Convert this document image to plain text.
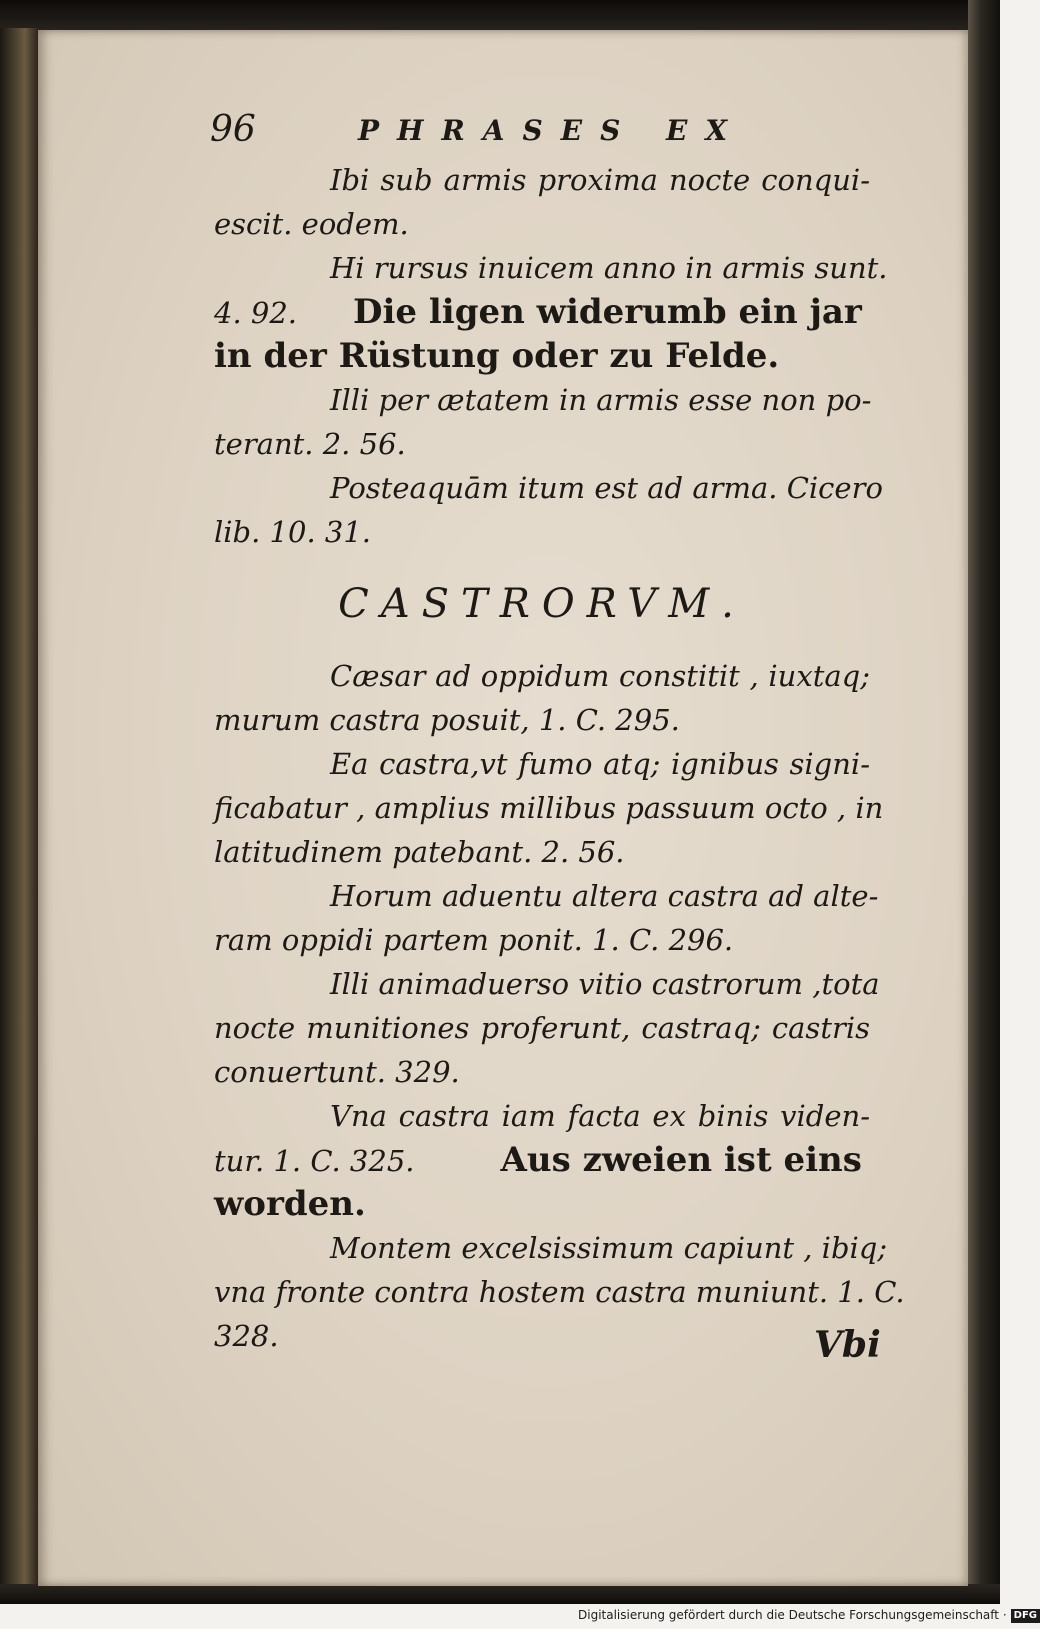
96	PHRASES EX
Ibi sub armis proxima nocte conqui-
escit. eodem.
Hi rursus inuicem anno in armis sunt.
4. 92. Die ligen widerumb ein jar
in der Rüstung oder zu Felde.
Illi per ætatem in armis esse non po-
terant. 2. 56.
Posteaquām itum est ad arma. Cicero
lib. 10. 31.
CASTRORVM.
Cæsar ad oppidum constitit , iuxtaq;
murum castra posuit, 1. C. 295.
Ea castra,vt fumo atq; ignibus signi-
ficabatur , amplius millibus passuum octo , in
latitudinem patebant. 2. 56.
Horum aduentu altera castra ad alte-
ram oppidi partem ponit. 1. C. 296.
Illi animaduerso vitio castrorum ,tota
nocte munitiones proferunt, castraq; castris
conuertunt. 329.
Vna castra iam facta ex binis viden-
tur. 1. C. 325.	Aus zweien ist eins
worden.
Montem excelsissimum capiunt , ibiq;
vna fronte contra hostem castra muniunt. 1. C.
328.	Vbi
Digitalisierung gefördert durch die Deutsche Forschungsgemeinschaft · DFG
